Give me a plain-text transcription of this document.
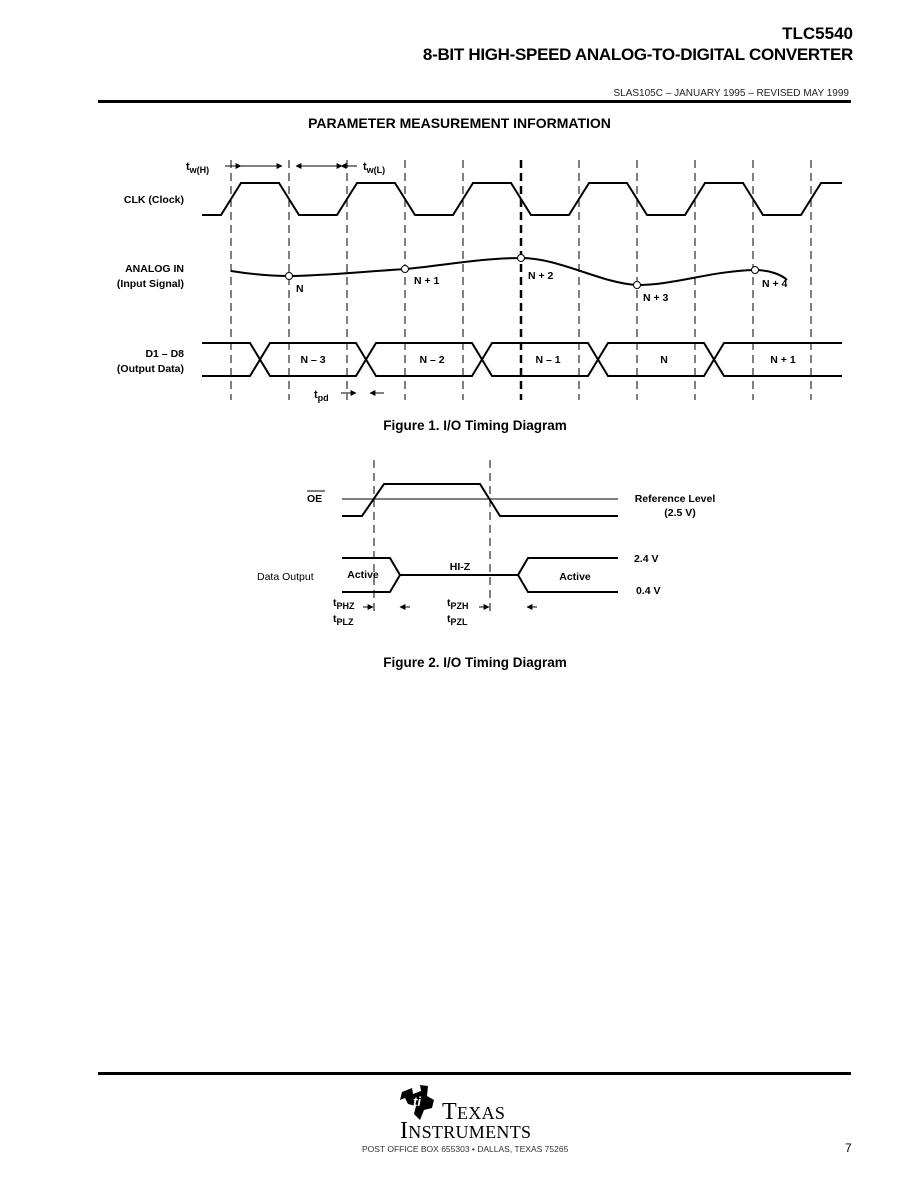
TLC5540
8-BIT HIGH-SPEED ANALOG-TO-DIGITAL CONVERTER
SLAS105C – JANUARY 1995 – REVISED MAY 1999
PARAMETER MEASUREMENT INFORMATION
$t_{w(H)}$	$t_{w(L)}$
CLK (Clock)
ANALOG IN
(Input Signal)
D1 – D8
(Output Data)
N
N + 1	N + 2
N + 3
N + 4
N – 3	N – 2	N – 1	N	N + 1
$t_{pd}$
OE	Reference Level
(2.5 V)
Data Output	Active
HI-Z
Active
2.4 V
0.4 V
tPHZ
tPLZ
tPZH
tPZL
Figure 1. I/O Timing Diagram
Figure 2. I/O Timing Diagram
ti TEXAS
INSTRUMENTS
POST OFFICE BOX 655303 • DALLAS, TEXAS 75265	7
